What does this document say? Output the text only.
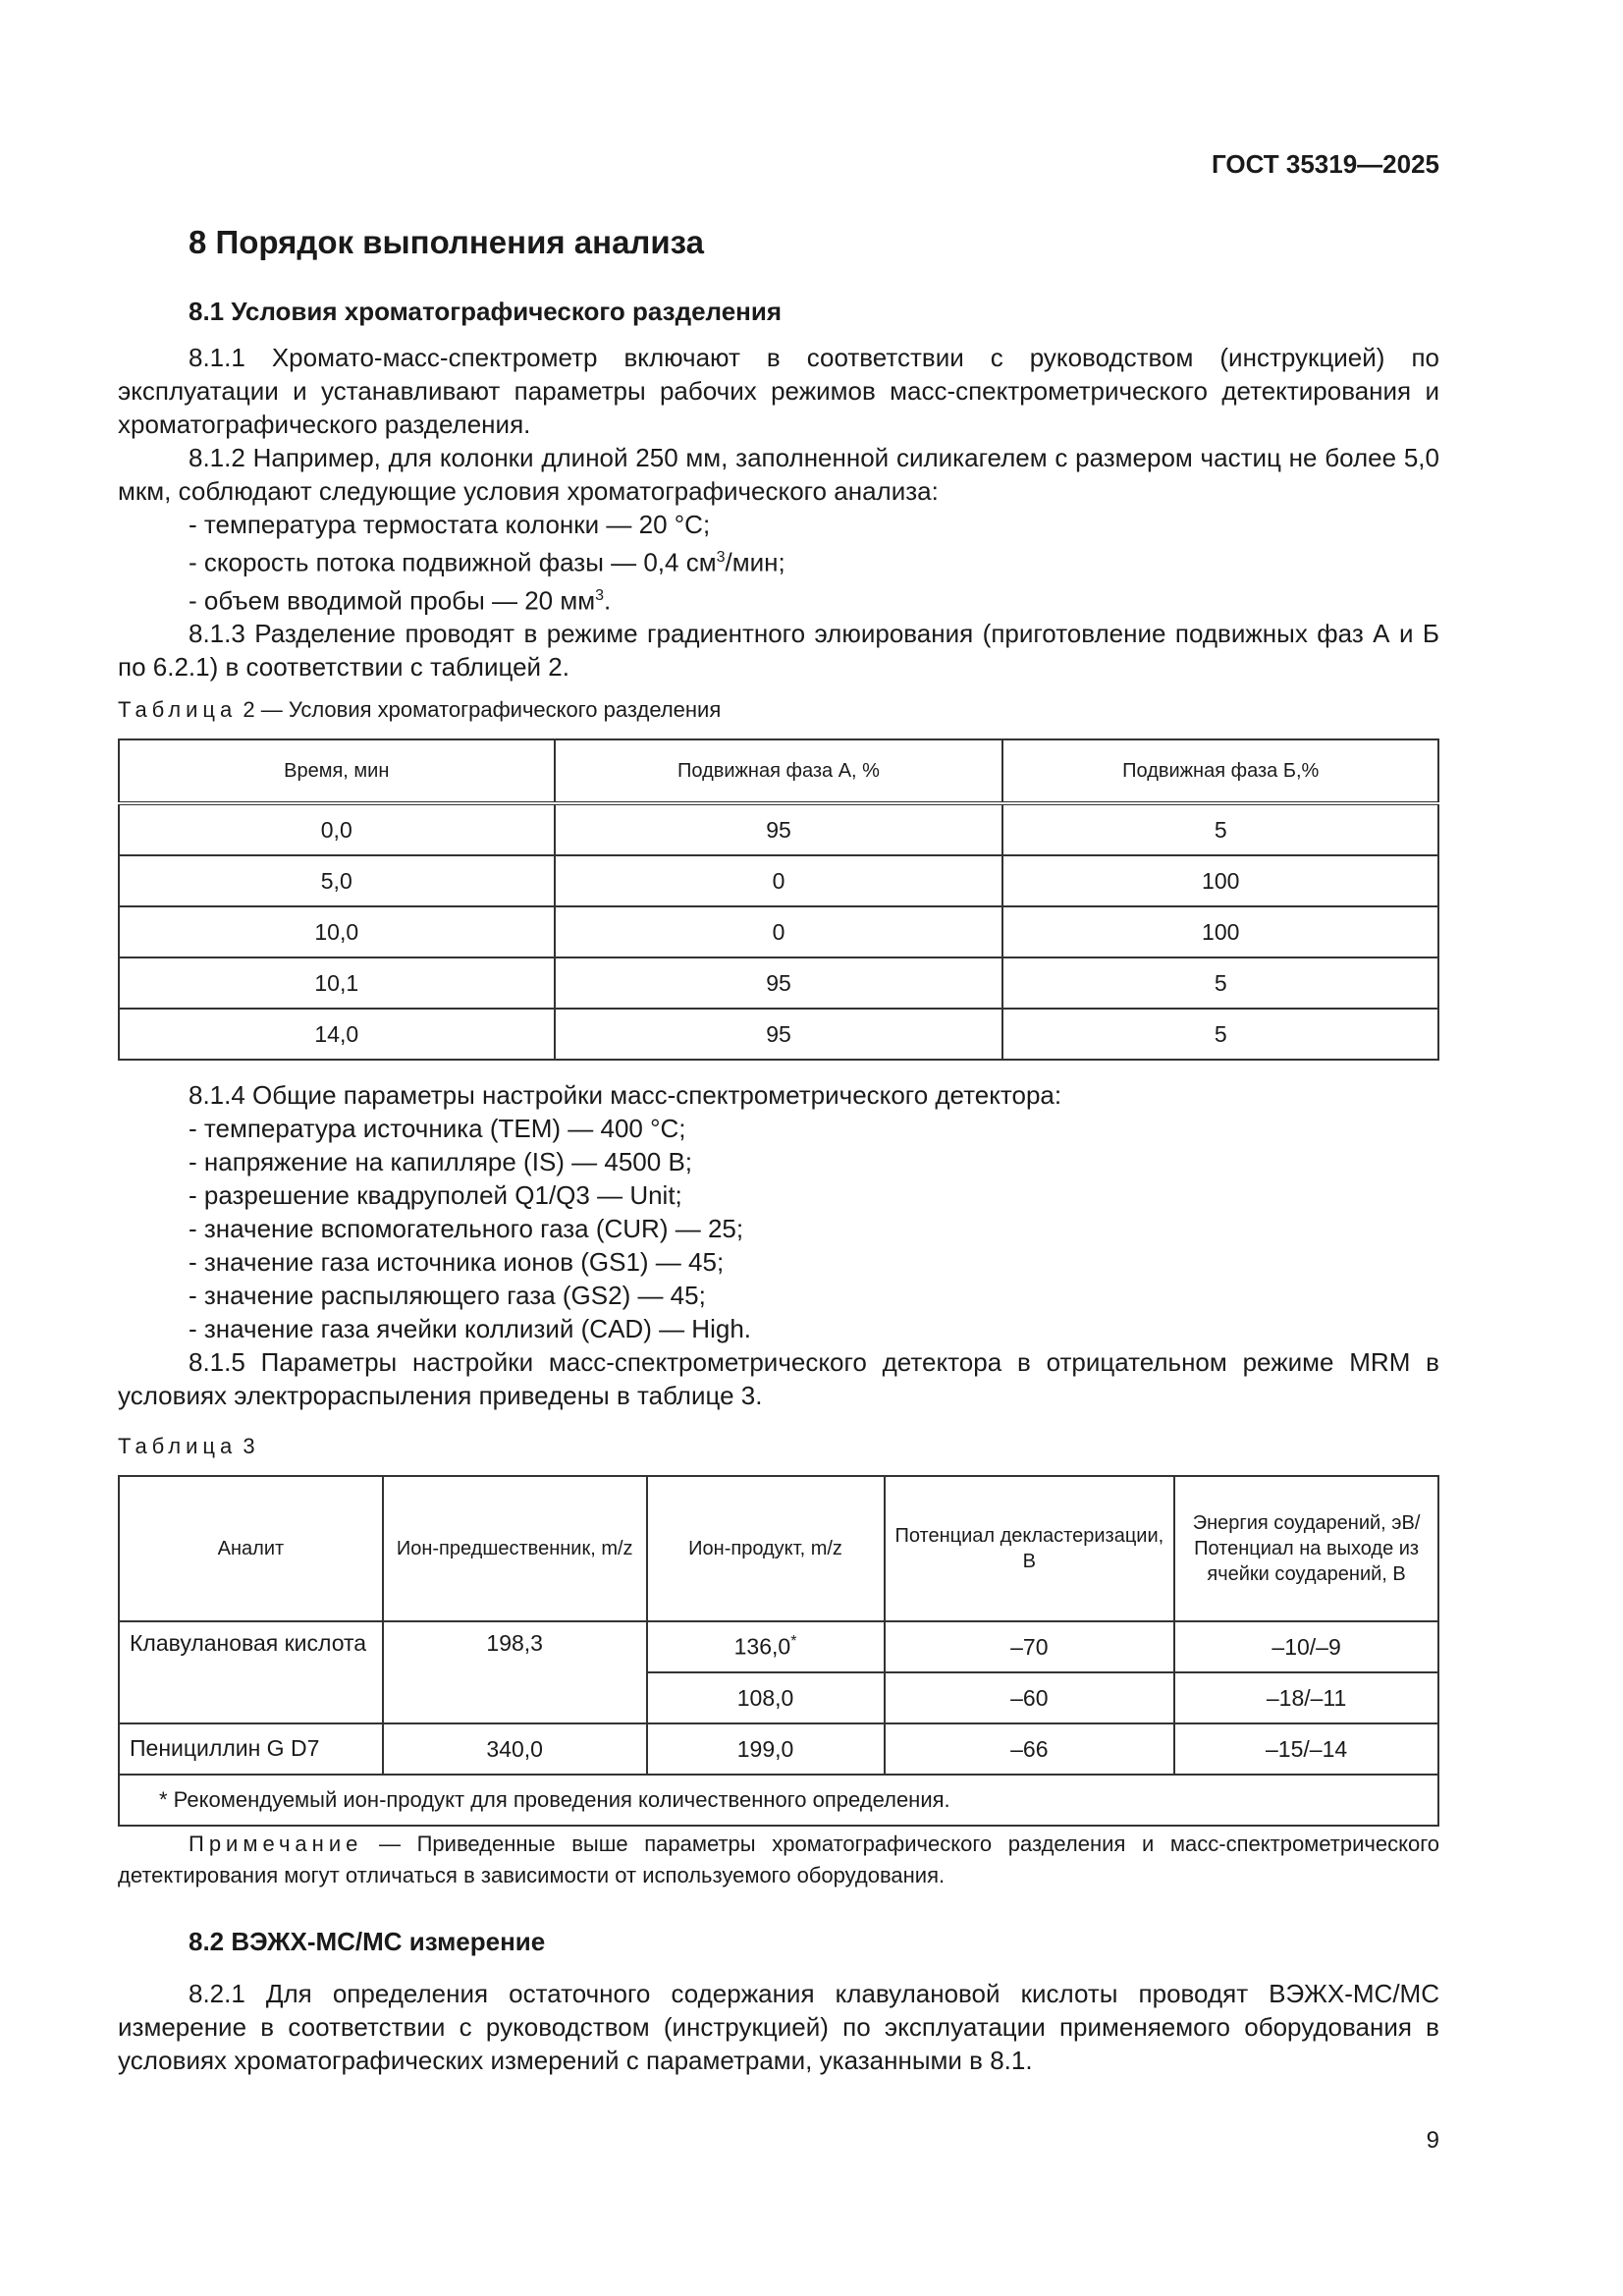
ГОСТ 35319—2025
8 Порядок выполнения анализа
8.1 Условия хроматографического разделения

8.1.1 Хромато-масс-спектрометр включают в соответствии с руководством (инструкцией) по эксплуатации и устанавливают параметры рабочих режимов масс-спектрометрического детектирования и хроматографического разделения.

8.1.2 Например, для колонки длиной 250 мм, заполненной силикагелем с размером частиц не более 5,0 мкм, соблюдают следующие условия хроматографического анализа:

- температура термостата колонки — 20 °С;

- скорость потока подвижной фазы — 0,4 $см^3$/мин;

- объем вводимой пробы — 20 $мм^3$.

8.1.3 Разделение проводят в режиме градиентного элюирования (приготовление подвижных фаз А и Б по 6.2.1) в соответствии с таблицей 2.

Таблица 2 — Условия хроматографического разделения
Время, мин	Подвижная фаза А, %	Подвижная фаза Б,%
0,0	95	5
5,0	0	100
10,0	0	100
10,1	95	5
14,0	95	5

8.1.4 Общие параметры настройки масс-спектрометрического детектора:

- температура источника (TEM) — 400 °С;

- напряжение на капилляре (IS) — 4500 В;

- разрешение квадруполей Q1/Q3 — Unit;

- значение вспомогательного газа (CUR) — 25;

- значение газа источника ионов (GS1) — 45;

- значение распыляющего газа (GS2) — 45;

- значение газа ячейки коллизий (CAD) — High.

8.1.5 Параметры настройки масс-спектрометрического детектора в отрицательном режиме MRM в условиях электрораспыления приведены в таблице 3.

Таблица 3
Аналит	Ион-предшественник, m/z	Ион-продукт, m/z	Потенциал декластеризации, В	Энергия соударений, эВ/Потенциал на выходе из ячейки соударений, В
Клавулановая кислота	198,3	136,0*	–70	–10/–9
		108,0	–60	–18/–11
Пенициллин G D7	340,0	199,0	–66	–15/–14
* Рекомендуемый ион-продукт для проведения количественного определения.				
Примечание — Приведенные выше параметры хроматографического разделения и масс-спектрометрического детектирования могут отличаться в зависимости от используемого оборудования.
8.2 ВЭЖХ-МС/МС измерение

8.2.1 Для определения остаточного содержания клавулановой кислоты проводят ВЭЖХ-МС/МС измерение в соответствии с руководством (инструкцией) по эксплуатации применяемого оборудования в условиях хроматографических измерений с параметрами, указанными в 8.1.

9
